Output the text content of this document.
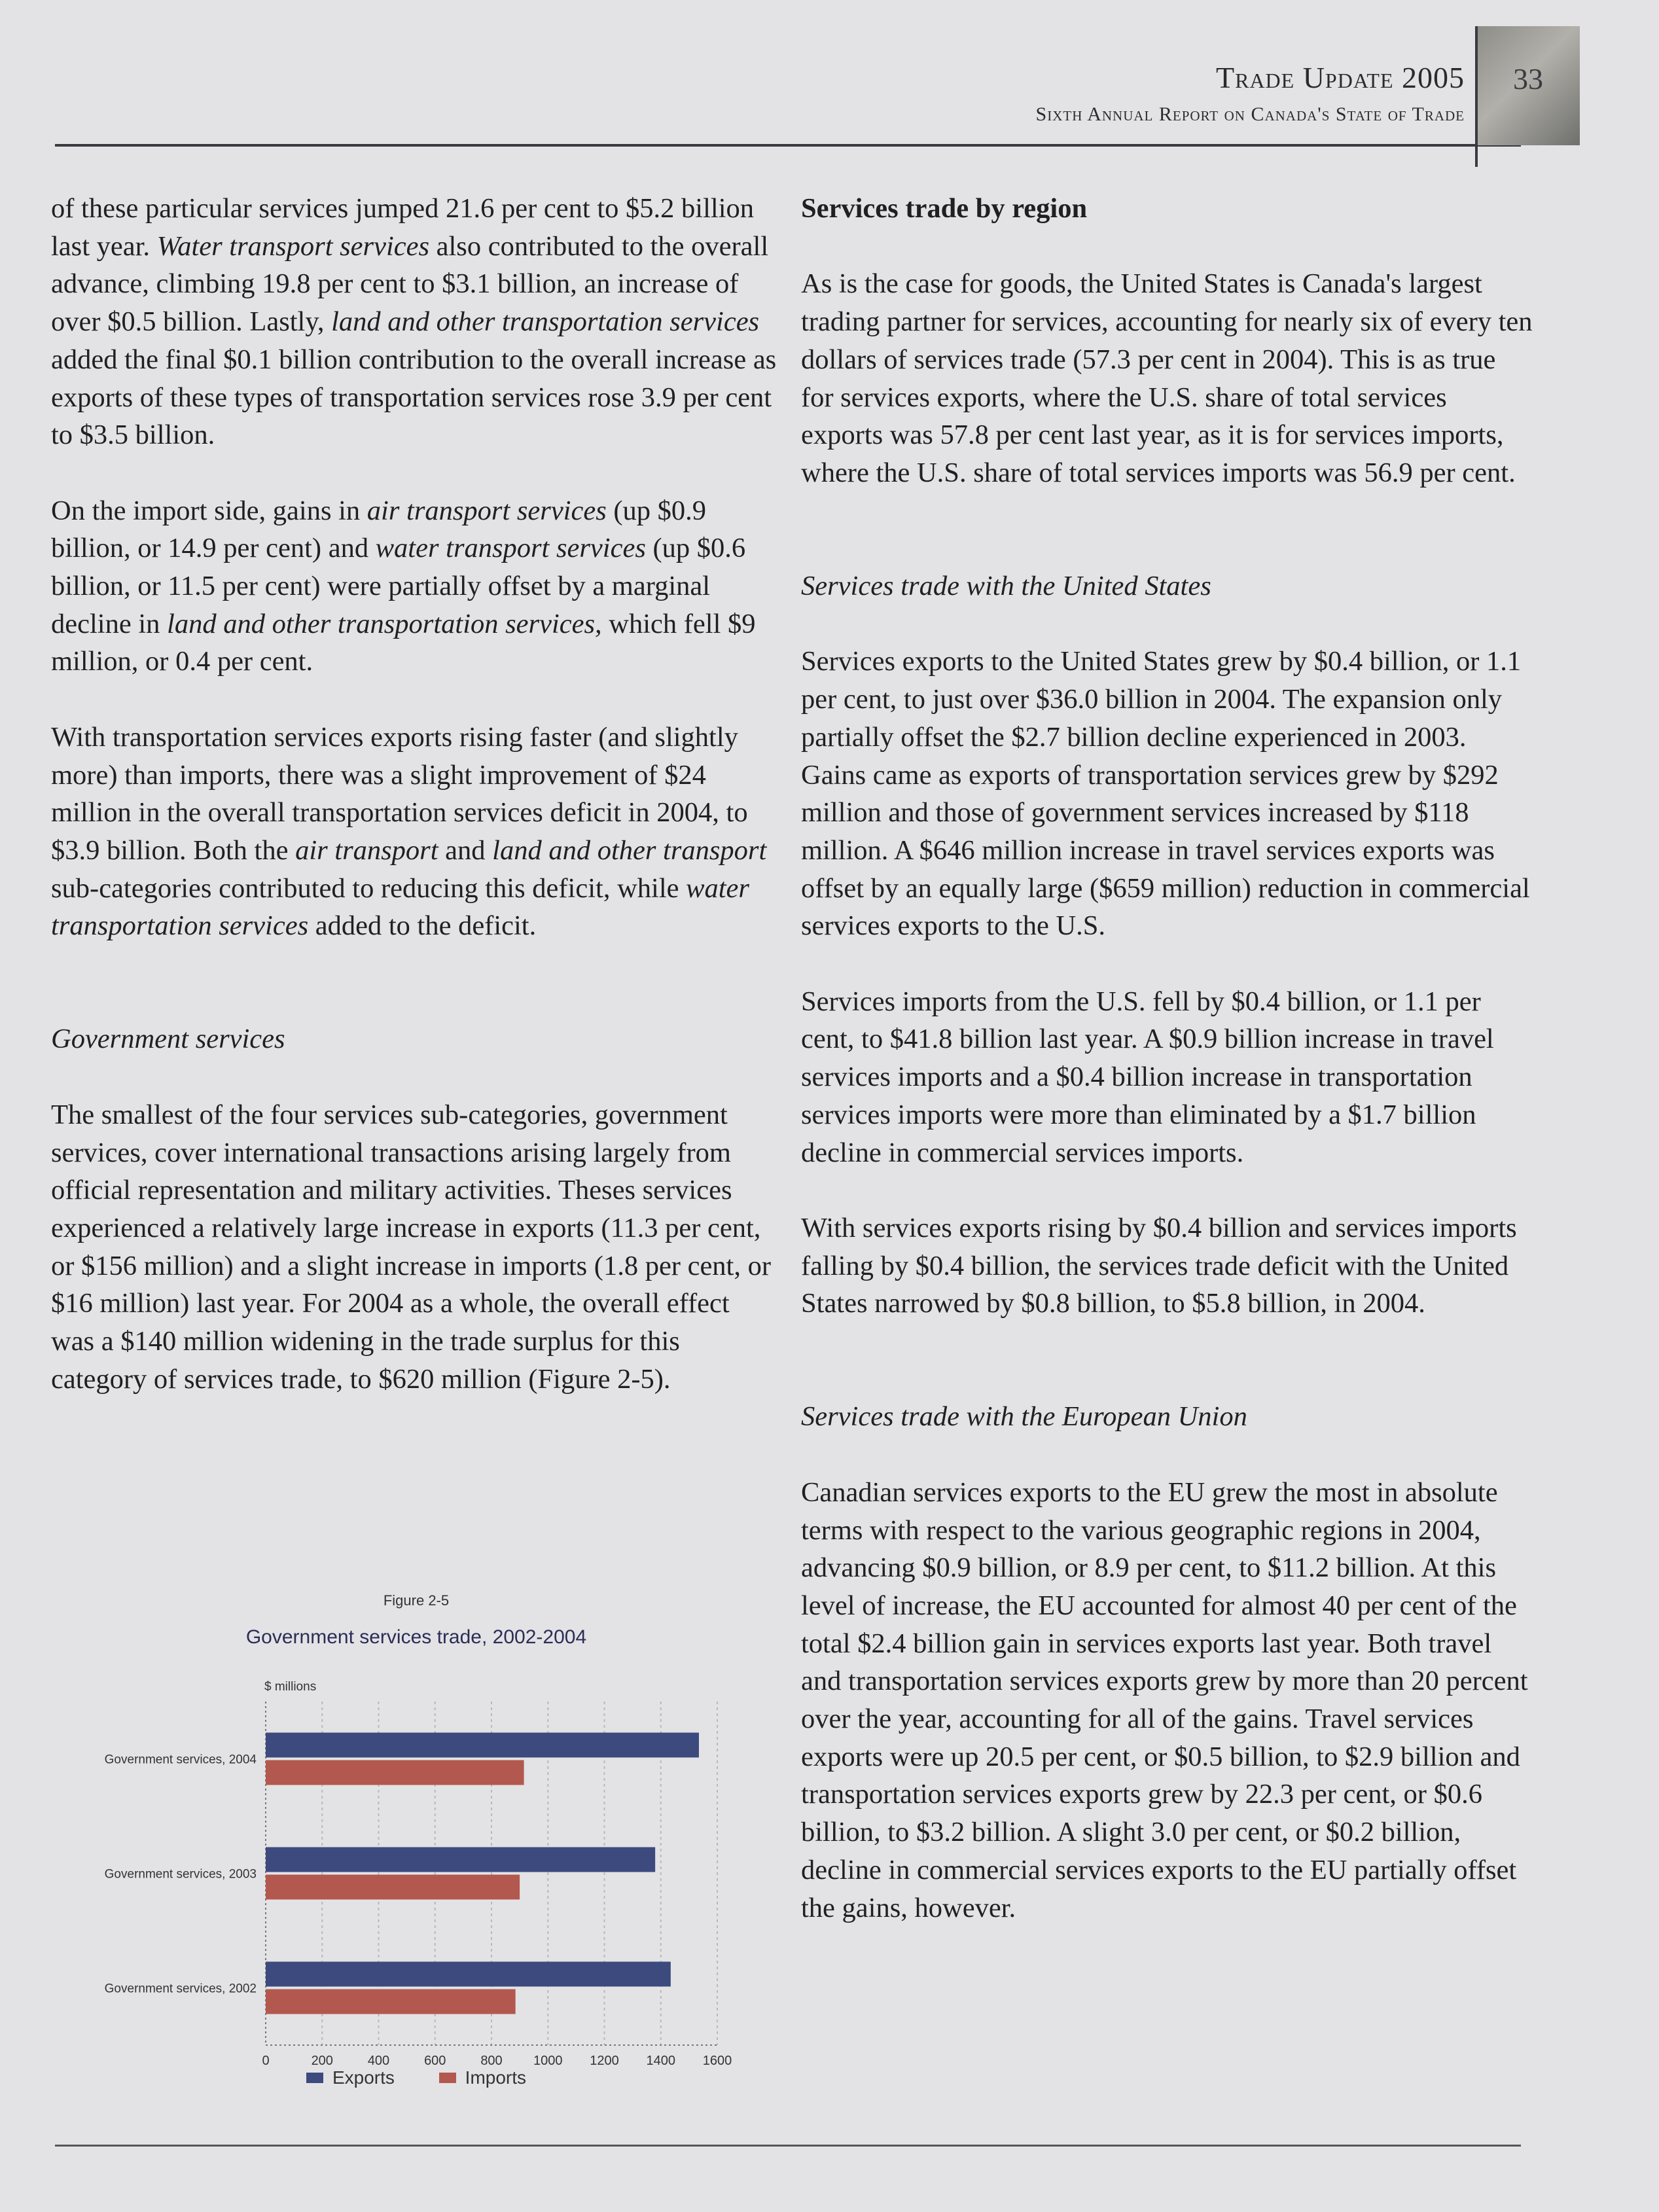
Trade Update 2005
Sixth Annual Report on Canada's State of Trade
33

of these particular services jumped 21.6 per cent to $5.2 billion last year. Water transport services also contributed to the overall advance, climbing 19.8 per cent to $3.1 billion, an increase of over $0.5 billion. Lastly, land and other transportation services added the final $0.1 billion contribution to the overall increase as exports of these types of transportation services rose 3.9 per cent to $3.5 billion.

On the import side, gains in air transport services (up $0.9 billion, or 14.9 per cent) and water transport services (up $0.6 billion, or 11.5 per cent) were partially offset by a marginal decline in land and other transportation services, which fell $9 million, or 0.4 per cent.

With transportation services exports rising faster (and slightly more) than imports, there was a slight improvement of $24 million in the overall transportation services deficit in 2004, to $3.9 billion. Both the air transport and land and other transport sub-categories contributed to reducing this deficit, while water transportation services added to the deficit.

Government services

The smallest of the four services sub-categories, government services, cover international transactions arising largely from official representation and military activities. Theses services experienced a relatively large increase in exports (11.3 per cent, or $156 million) and a slight increase in imports (1.8 per cent, or $16 million) last year. For 2004 as a whole, the overall effect was a $140 million widening in the trade surplus for this category of services trade, to $620 million (Figure 2-5).

Services trade by region

As is the case for goods, the United States is Canada's largest trading partner for services, accounting for nearly six of every ten dollars of services trade (57.3 per cent in 2004). This is as true for services exports, where the U.S. share of total services exports was 57.8 per cent last year, as it is for services imports, where the U.S. share of total services imports was 56.9 per cent.

Services trade with the United States

Services exports to the United States grew by $0.4 billion, or 1.1 per cent, to just over $36.0 billion in 2004. The expansion only partially offset the $2.7 billion decline experienced in 2003. Gains came as exports of transportation services grew by $292 million and those of government services increased by $118 million. A $646 million increase in travel services exports was offset by an equally large ($659 million) reduction in commercial services exports to the U.S.

Services imports from the U.S. fell by $0.4 billion, or 1.1 per cent, to $41.8 billion last year. A $0.9 billion increase in travel services imports and a $0.4 billion increase in transportation services imports were more than eliminated by a $1.7 billion decline in commercial services imports.

With services exports rising by $0.4 billion and services imports falling by $0.4 billion, the services trade deficit with the United States narrowed by $0.8 billion, to $5.8 billion, in 2004.

Services trade with the European Union

Canadian services exports to the EU grew the most in absolute terms with respect to the various geographic regions in 2004, advancing $0.9 billion, or 8.9 per cent, to $11.2 billion. At this level of increase, the EU accounted for almost 40 per cent of the total $2.4 billion gain in services exports last year. Both travel and transportation services exports grew by more than 20 percent over the year, accounting for all of the gains. Travel services exports were up 20.5 per cent, or $0.5 billion, to $2.9 billion and transportation services exports grew by 22.3 per cent, or $0.6 billion, to $3.2 billion. A slight 3.0 per cent, or $0.2 billion, decline in commercial services exports to the EU partially offset the gains, however.

Figure 2-5
Government services trade, 2002-2004
$ millions
0	200	400	600	800 1000 1200 1400 1600
Government services, 2004
Government services, 2003
Government services, 2002
Exports	Imports
